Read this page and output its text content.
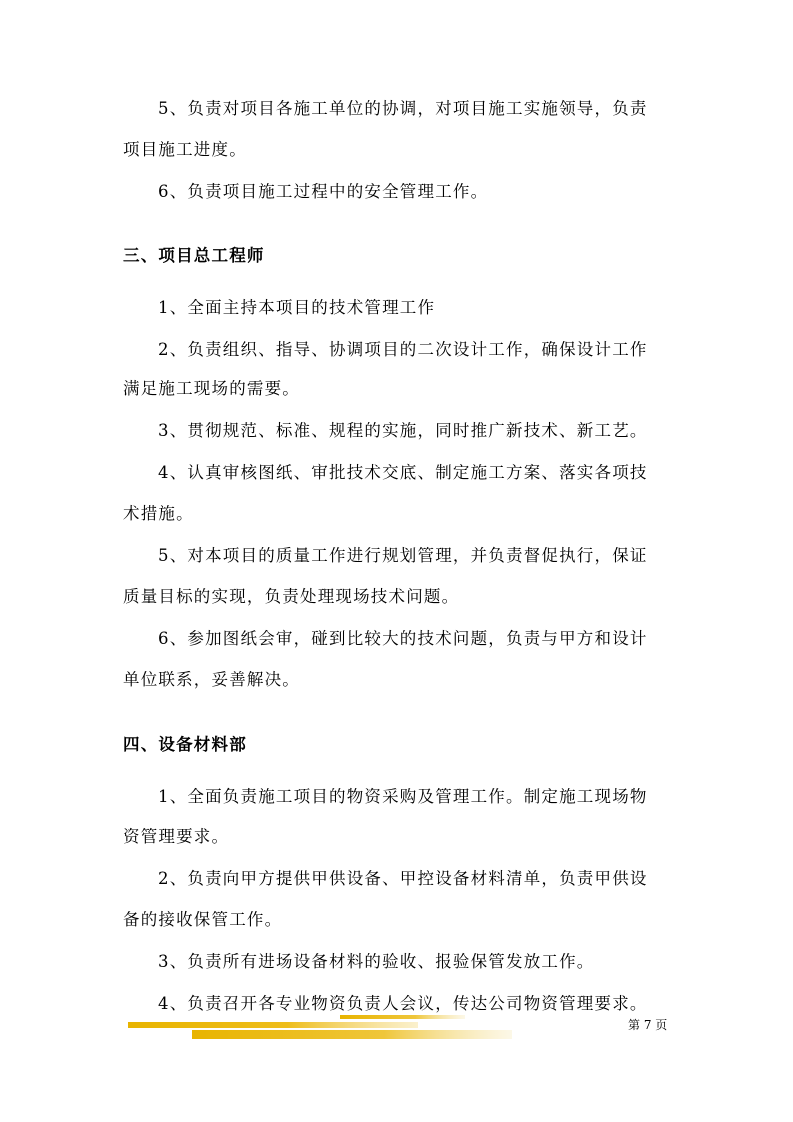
5、负责对项目各施工单位的协调，对项目施工实施领导，负责
项目施工进度。
6、负责项目施工过程中的安全管理工作。
三、项目总工程师
1、全面主持本项目的技术管理工作
2、负责组织、指导、协调项目的二次设计工作，确保设计工作
满足施工现场的需要。
3、贯彻规范、标准、规程的实施，同时推广新技术、新工艺。
4、认真审核图纸、审批技术交底、制定施工方案、落实各项技
术措施。
5、对本项目的质量工作进行规划管理，并负责督促执行，保证
质量目标的实现，负责处理现场技术问题。
6、参加图纸会审，碰到比较大的技术问题，负责与甲方和设计
单位联系，妥善解决。
四、设备材料部
1、全面负责施工项目的物资采购及管理工作。制定施工现场物
资管理要求。
2、负责向甲方提供甲供设备、甲控设备材料清单，负责甲供设
备的接收保管工作。
3、负责所有进场设备材料的验收、报验保管发放工作。
4、负责召开各专业物资负责人会议，传达公司物资管理要求。
第 7 页
